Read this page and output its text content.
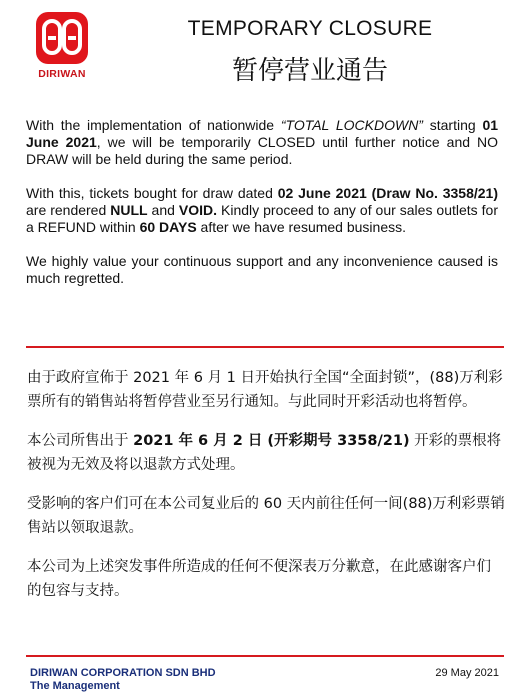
DIRIWAN
TEMPORARY CLOSURE
暂停营业通告

With the implementation of nationwide “TOTAL LOCKDOWN” starting 01 June 2021, we will be temporarily CLOSED until further notice and NO DRAW will be held during the same period.

With this, tickets bought for draw dated 02 June 2021 (Draw No. 3358/21) are rendered NULL and VOID. Kindly proceed to any of our sales outlets for a REFUND within 60 DAYS after we have resumed business.

We highly value your continuous support and any inconvenience caused is much regretted.

由于政府宣佈于 2021 年 6 月 1 日开始执行全国“全面封锁”，(88)万利彩票所有的销售站将暂停营业至另行通知。与此同时开彩活动也将暂停。

本公司所售出于 2021 年 6 月 2 日 (开彩期号 3358/21) 开彩的票根将被视为无效及将以退款方式处理。

受影响的客户们可在本公司复业后的 60 天内前往任何一间(88)万利彩票销售站以领取退款。

本公司为上述突发事件所造成的任何不便深表万分歉意，在此感谢客户们的包容与支持。

DIRIWAN CORPORATION SDN BHD
The Management
29 May 2021
